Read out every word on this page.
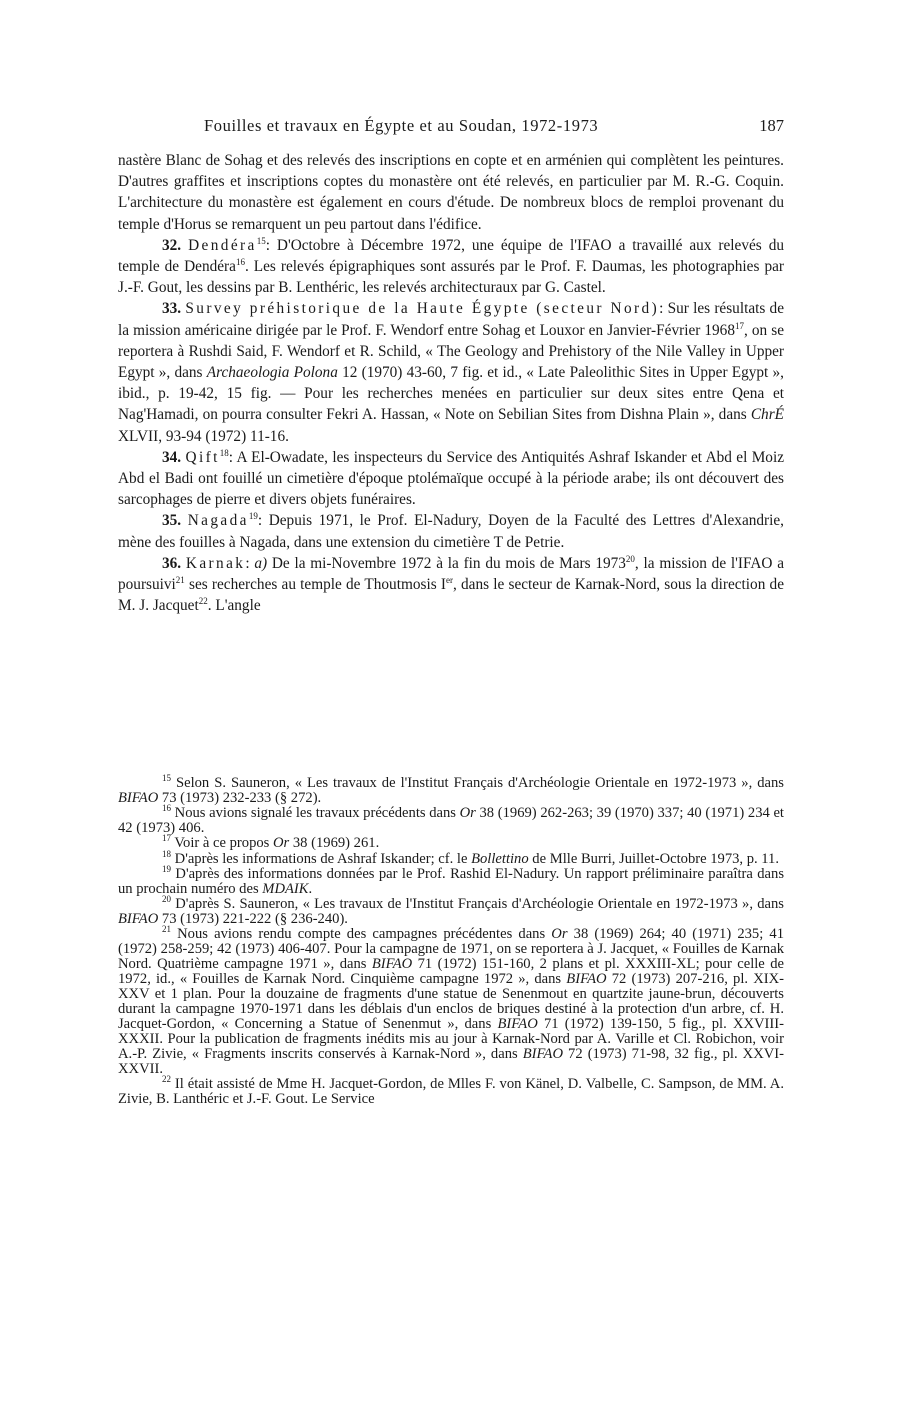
Fouilles et travaux en Égypte et au Soudan, 1972-1973	187

nastère Blanc de Sohag et des relevés des inscriptions en copte et en arménien qui complètent les peintures. D'autres graffites et inscriptions coptes du monastère ont été relevés, en particulier par M. R.-G. Coquin. L'architecture du monastère est également en cours d'étude. De nombreux blocs de remploi provenant du temple d'Horus se remarquent un peu partout dans l'édifice.

32. Dendéra$^{15}$: D'Octobre à Décembre 1972, une équipe de l'IFAO a travaillé aux relevés du temple de Dendéra$^{16}$. Les relevés épigraphiques sont assurés par le Prof. F. Daumas, les photographies par J.-F. Gout, les dessins par B. Lenthéric, les relevés architecturaux par G. Castel.

33. Survey préhistorique de la Haute Égypte (secteur Nord): Sur les résultats de la mission américaine dirigée par le Prof. F. Wendorf entre Sohag et Louxor en Janvier-Février 1968$^{17}$, on se reportera à Rushdi Said, F. Wendorf et R. Schild, « The Geology and Prehistory of the Nile Valley in Upper Egypt », dans Archaeologia Polona 12 (1970) 43-60, 7 fig. et id., « Late Paleolithic Sites in Upper Egypt », ibid., p. 19-42, 15 fig. — Pour les recherches menées en particulier sur deux sites entre Qena et Nag'Hamadi, on pourra consulter Fekri A. Hassan, « Note on Sebilian Sites from Dishna Plain », dans ChrÉ XLVII, 93-94 (1972) 11-16.

34. Qift$^{18}$: A El-Owadate, les inspecteurs du Service des Antiquités Ashraf Iskander et Abd el Moiz Abd el Badi ont fouillé un cimetière d'époque ptolémaïque occupé à la période arabe; ils ont découvert des sarcophages de pierre et divers objets funéraires.

35. Nagada$^{19}$: Depuis 1971, le Prof. El-Nadury, Doyen de la Faculté des Lettres d'Alexandrie, mène des fouilles à Nagada, dans une extension du cimetière T de Petrie.

36. Karnak: a) De la mi-Novembre 1972 à la fin du mois de Mars 1973$^{20}$, la mission de l'IFAO a poursuivi$^{21}$ ses recherches au temple de Thoutmosis Ier, dans le secteur de Karnak-Nord, sous la direction de M. J. Jacquet$^{22}$. L'angle

$^{15}$ Selon S. Sauneron, « Les travaux de l'Institut Français d'Archéologie Orientale en 1972-1973 », dans BIFAO 73 (1973) 232-233 (§ 272).

$^{16}$ Nous avions signalé les travaux précédents dans Or 38 (1969) 262-263; 39 (1970) 337; 40 (1971) 234 et 42 (1973) 406.

$^{17}$ Voir à ce propos Or 38 (1969) 261.

$^{18}$ D'après les informations de Ashraf Iskander; cf. le Bollettino de Mlle Burri, Juillet-Octobre 1973, p. 11.

$^{19}$ D'après des informations données par le Prof. Rashid El-Nadury. Un rapport préliminaire paraîtra dans un prochain numéro des MDAIK.

$^{20}$ D'après S. Sauneron, « Les travaux de l'Institut Français d'Archéologie Orientale en 1972-1973 », dans BIFAO 73 (1973) 221-222 (§ 236-240).

$^{21}$ Nous avions rendu compte des campagnes précédentes dans Or 38 (1969) 264; 40 (1971) 235; 41 (1972) 258-259; 42 (1973) 406-407. Pour la campagne de 1971, on se reportera à J. Jacquet, « Fouilles de Karnak Nord. Quatrième campagne 1971 », dans BIFAO 71 (1972) 151-160, 2 plans et pl. XXXIII-XL; pour celle de 1972, id., « Fouilles de Karnak Nord. Cinquième campagne 1972 », dans BIFAO 72 (1973) 207-216, pl. XIX-XXV et 1 plan. Pour la douzaine de fragments d'une statue de Senenmout en quartzite jaune-brun, découverts durant la campagne 1970-1971 dans les déblais d'un enclos de briques destiné à la protection d'un arbre, cf. H. Jacquet-Gordon, « Concerning a Statue of Senenmut », dans BIFAO 71 (1972) 139-150, 5 fig., pl. XXVIII-XXXII. Pour la publication de fragments inédits mis au jour à Karnak-Nord par A. Varille et Cl. Robichon, voir A.-P. Zivie, « Fragments inscrits conservés à Karnak-Nord », dans BIFAO 72 (1973) 71-98, 32 fig., pl. XXVI-XXVII.

$^{22}$ Il était assisté de Mme H. Jacquet-Gordon, de Mlles F. von Känel, D. Valbelle, C. Sampson, de MM. A. Zivie, B. Lanthéric et J.-F. Gout. Le Service
